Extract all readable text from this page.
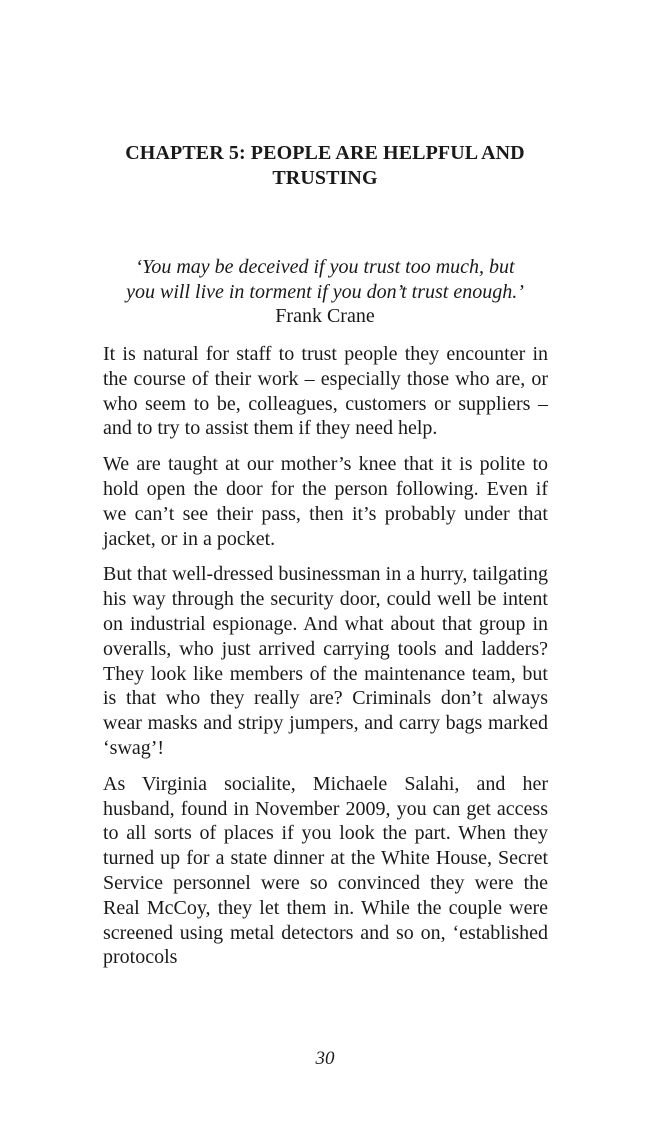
CHAPTER 5: PEOPLE ARE HELPFUL AND
TRUSTING
‘You may be deceived if you trust too much, but
you will live in torment if you don’t trust enough.’
Frank Crane

It is natural for staff to trust people they encounter in the course of their work – especially those who are, or who seem to be, colleagues, customers or suppliers – and to try to assist them if they need help.

We are taught at our mother’s knee that it is polite to hold open the door for the person following. Even if we can’t see their pass, then it’s probably under that jacket, or in a pocket.

But that well-dressed businessman in a hurry, tailgating his way through the security door, could well be intent on industrial espionage. And what about that group in overalls, who just arrived carrying tools and ladders? They look like members of the maintenance team, but is that who they really are? Criminals don’t always wear masks and stripy jumpers, and carry bags marked ‘swag’!

As Virginia socialite, Michaele Salahi, and her husband, found in November 2009, you can get access to all sorts of places if you look the part. When they turned up for a state dinner at the White House, Secret Service personnel were so convinced they were the Real McCoy, they let them in. While the couple were screened using metal detectors and so on, ‘established protocols

30
